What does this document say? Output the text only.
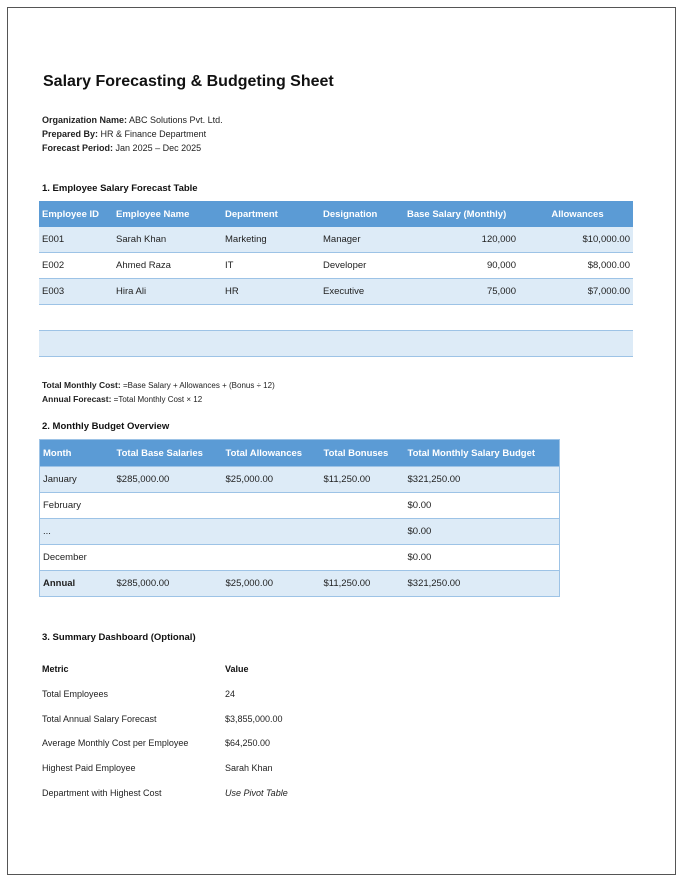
Salary Forecasting & Budgeting Sheet
Organization Name: ABC Solutions Pvt. Ltd.
Prepared By: HR & Finance Department
Forecast Period: Jan 2025 – Dec 2025
1. Employee Salary Forecast Table
Employee ID	Employee Name	Department	Designation	Base Salary (Monthly)	Allowances
E001	Sarah Khan	Marketing	Manager	120,000	$10,000.00
E002	Ahmed Raza	IT	Developer	90,000	$8,000.00
E003	Hira Ali	HR	Executive	75,000	$7,000.00

Total Monthly Cost: =Base Salary + Allowances + (Bonus ÷ 12)
Annual Forecast: =Total Monthly Cost × 12
2. Monthly Budget Overview
Month	Total Base Salaries	Total Allowances	Total Bonuses	Total Monthly Salary Budget
January	$285,000.00	$25,000.00	$11,250.00	$321,250.00
February				$0.00
...				$0.00
December				$0.00
Annual	$285,000.00	$25,000.00	$11,250.00	$321,250.00
3. Summary Dashboard (Optional)
Metric	Value
Total Employees	24
Total Annual Salary Forecast	$3,855,000.00
Average Monthly Cost per Employee	$64,250.00
Highest Paid Employee	Sarah Khan
Department with Highest Cost	Use Pivot Table
